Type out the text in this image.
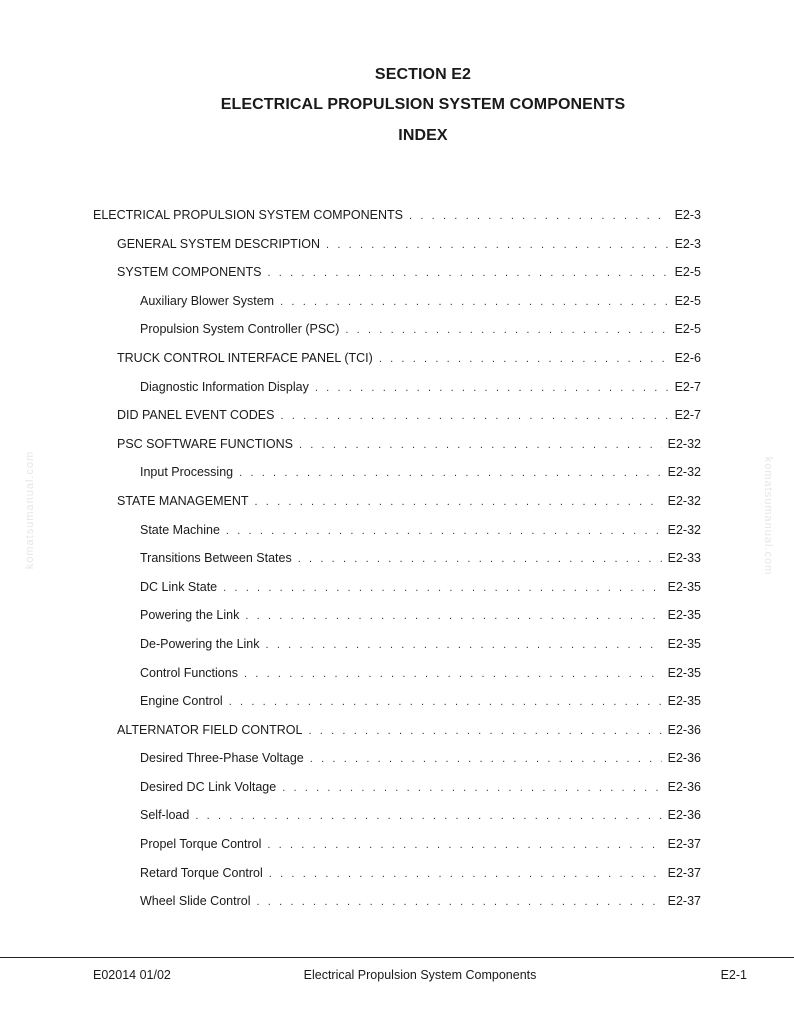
SECTION E2
ELECTRICAL PROPULSION SYSTEM COMPONENTS
INDEX
ELECTRICAL PROPULSION SYSTEM COMPONENTS . . .	E2-3
GENERAL SYSTEM DESCRIPTION . . .	E2-3
SYSTEM COMPONENTS . . .	E2-5
Auxiliary Blower System . . .	E2-5
Propulsion System Controller (PSC) . . .	E2-5
TRUCK CONTROL INTERFACE PANEL (TCI) . . .	E2-6
Diagnostic Information Display . . .	E2-7
DID PANEL EVENT CODES . . .	E2-7
PSC SOFTWARE FUNCTIONS . . .	E2-32
Input Processing . . .	E2-32
STATE MANAGEMENT . . .	E2-32
State Machine . . .	E2-32
Transitions Between States . . .	E2-33
DC Link State . . .	E2-35
Powering the Link . . .	E2-35
De-Powering the Link . . .	E2-35
Control Functions . . .	E2-35
Engine Control . . .	E2-35
ALTERNATOR FIELD CONTROL . . .	E2-36
Desired Three-Phase Voltage . . .	E2-36
Desired DC Link Voltage . . .	E2-36
Self-load . . .	E2-36
Propel Torque Control . . .	E2-37
Retard Torque Control . . .	E2-37
Wheel Slide Control . . .	E2-37
komatsumanual.com	komatsumanual.com
E02014 01/02	Electrical Propulsion System Components	E2-1
